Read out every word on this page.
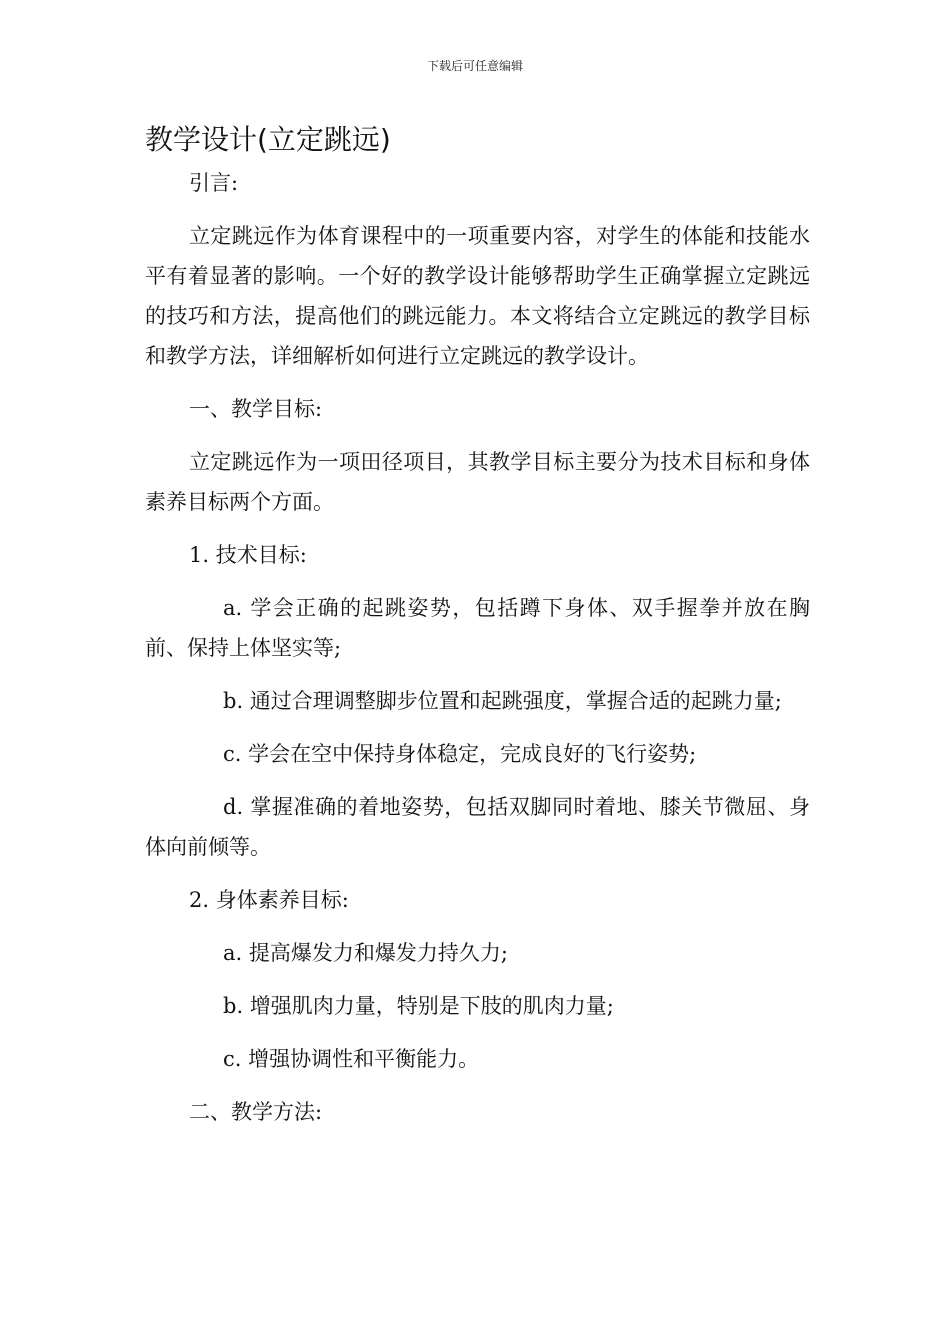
下载后可任意编辑
教学设计(立定跳远)

引言:

立定跳远作为体育课程中的一项重要内容，对学生的体能和技能水平有着显著的影响。一个好的教学设计能够帮助学生正确掌握立定跳远的技巧和方法，提高他们的跳远能力。本文将结合立定跳远的教学目标和教学方法，详细解析如何进行立定跳远的教学设计。

一、教学目标:

立定跳远作为一项田径项目，其教学目标主要分为技术目标和身体素养目标两个方面。

1. 技术目标:

a. 学会正确的起跳姿势，包括蹲下身体、双手握拳并放在胸前、保持上体坚实等;

b. 通过合理调整脚步位置和起跳强度，掌握合适的起跳力量;

c. 学会在空中保持身体稳定，完成良好的飞行姿势;

d. 掌握准确的着地姿势，包括双脚同时着地、膝关节微屈、身体向前倾等。

2. 身体素养目标:

a. 提高爆发力和爆发力持久力;

b. 增强肌肉力量，特别是下肢的肌肉力量;

c. 增强协调性和平衡能力。

二、教学方法:
